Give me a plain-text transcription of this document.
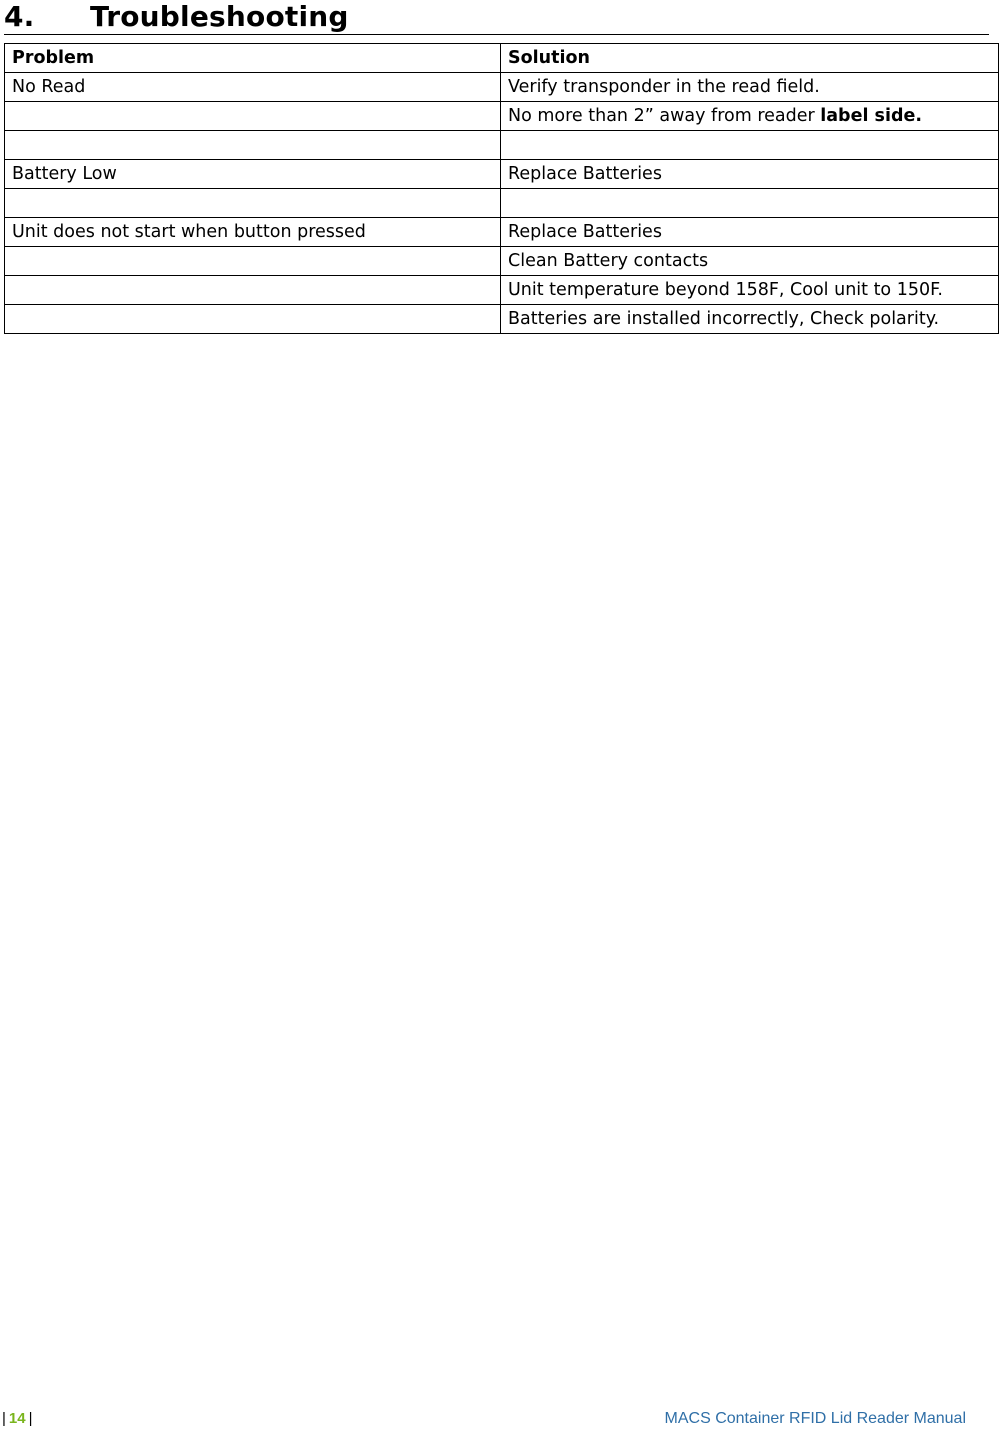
4.	Troubleshooting
Problem	Solution
No Read	Verify transponder in the read field.
	No more than 2” away from reader label side.

Battery Low	Replace Batteries

Unit does not start when button pressed	Replace Batteries
	Clean Battery contacts
	Unit temperature beyond 158F, Cool unit to 150F.
	Batteries are installed incorrectly, Check polarity.
| 14 |	MACS Container RFID Lid Reader Manual
